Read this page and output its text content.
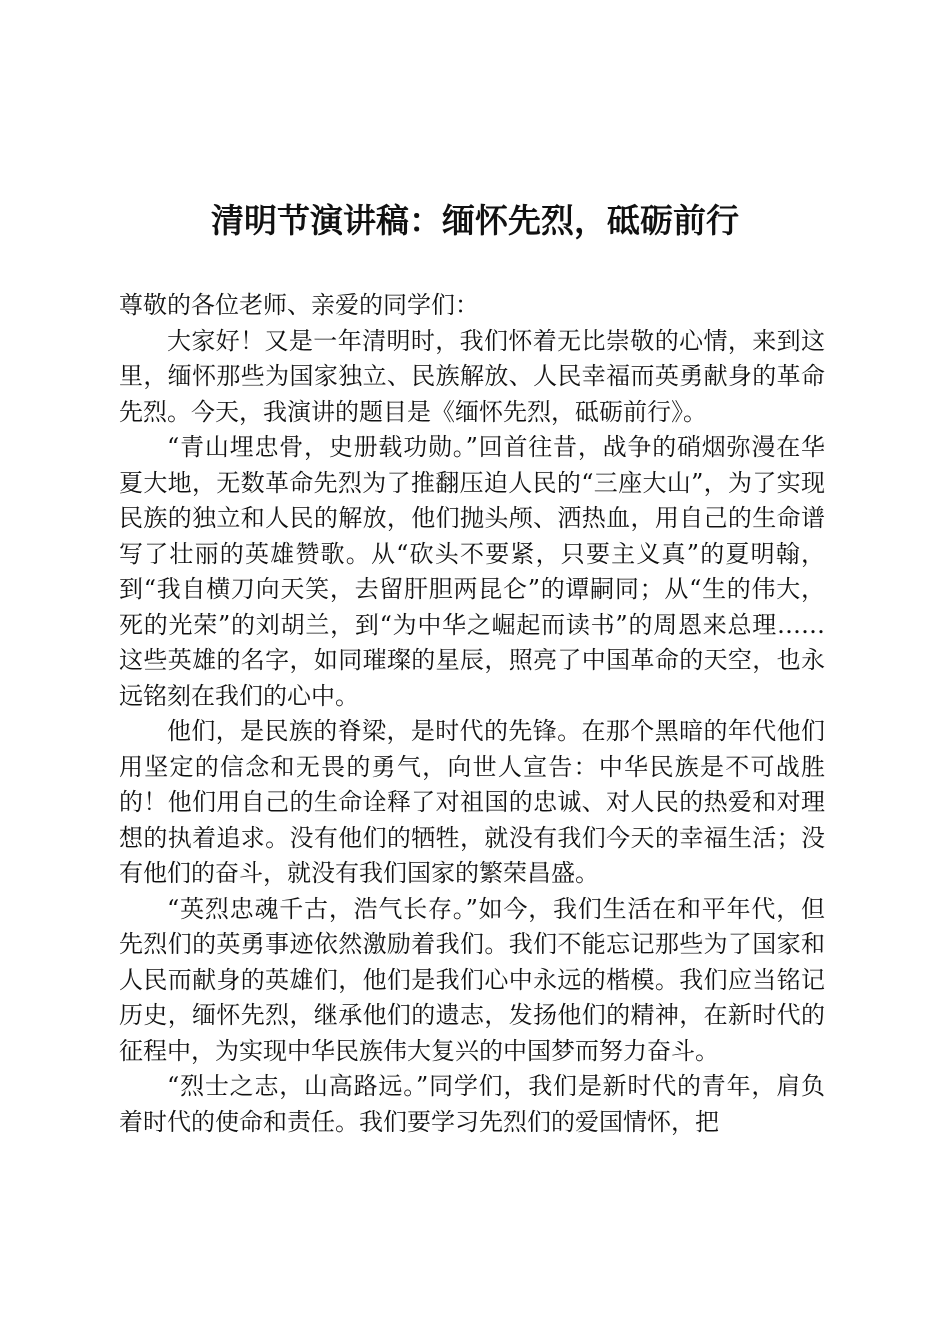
清明节演讲稿：缅怀先烈，砥砺前行

尊敬的各位老师、亲爱的同学们：

大家好！又是一年清明时，我们怀着无比崇敬的心情，来到这里，缅怀那些为国家独立、民族解放、人民幸福而英勇献身的革命先烈。今天，我演讲的题目是《缅怀先烈，砥砺前行》。

“青山埋忠骨，史册载功勋。”回首往昔，战争的硝烟弥漫在华夏大地，无数革命先烈为了推翻压迫人民的“三座大山”，为了实现民族的独立和人民的解放，他们抛头颅、洒热血，用自己的生命谱写了壮丽的英雄赞歌。从“砍头不要紧，只要主义真”的夏明翰，到“我自横刀向天笑，去留肝胆两昆仑”的谭嗣同；从“生的伟大，死的光荣”的刘胡兰，到“为中华之崛起而读书”的周恩来总理……这些英雄的名字，如同璀璨的星辰，照亮了中国革命的天空，也永远铭刻在我们的心中。

他们，是民族的脊梁，是时代的先锋。在那个黑暗的年代他们用坚定的信念和无畏的勇气，向世人宣告：中华民族是不可战胜的！他们用自己的生命诠释了对祖国的忠诚、对人民的热爱和对理想的执着追求。没有他们的牺牲，就没有我们今天的幸福生活；没有他们的奋斗，就没有我们国家的繁荣昌盛。

“英烈忠魂千古，浩气长存。”如今，我们生活在和平年代，但先烈们的英勇事迹依然激励着我们。我们不能忘记那些为了国家和人民而献身的英雄们，他们是我们心中永远的楷模。我们应当铭记历史，缅怀先烈，继承他们的遗志，发扬他们的精神，在新时代的征程中，为实现中华民族伟大复兴的中国梦而努力奋斗。

“烈士之志，山高路远。”同学们，我们是新时代的青年，肩负着时代的使命和责任。我们要学习先烈们的爱国情怀，把
